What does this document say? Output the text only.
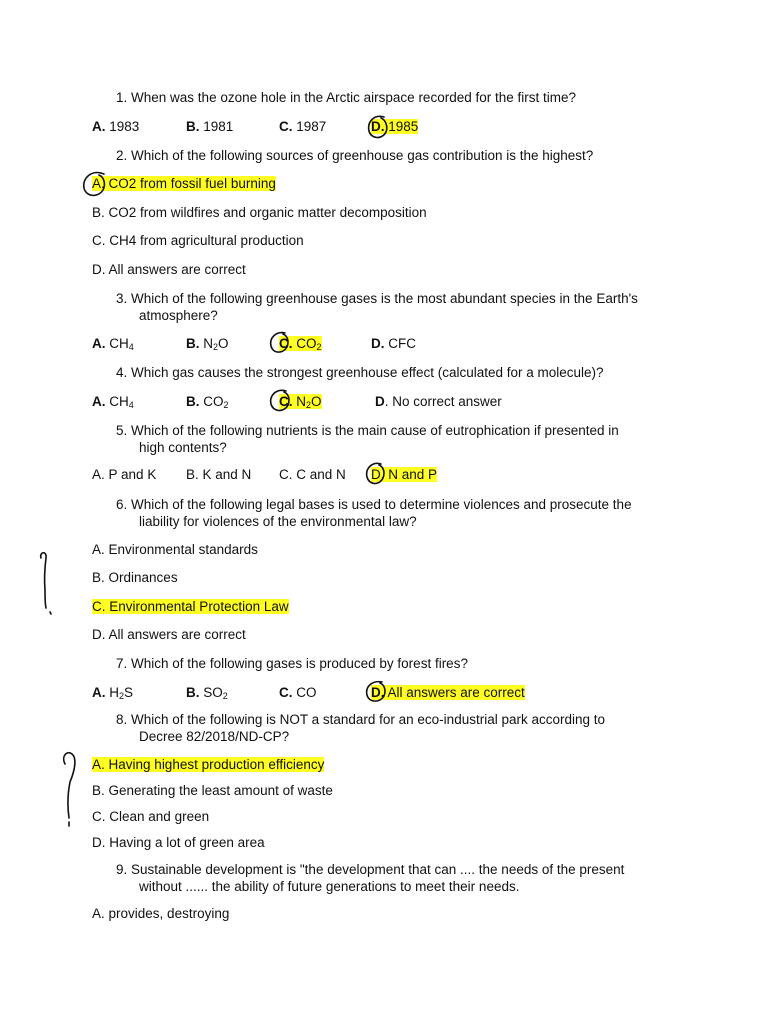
1. When was the ozone hole in the Arctic airspace recorded for the first time?
A. 1983	B. 1981	C. 1987	D. 1985
2. Which of the following sources of greenhouse gas contribution is the highest?
A. CO2 from fossil fuel burning
B. CO2 from wildfires and organic matter decomposition
C. CH4 from agricultural production
D. All answers are correct
3. Which of the following greenhouse gases is the most abundant species in the Earth's
atmosphere?
A. $CH_4$	B. $N_2O$	C. $CO_2$	D. CFC
4. Which gas causes the strongest greenhouse effect (calculated for a molecule)?
A. $CH_4$	B. $CO_2$	C. $N_2O$	D. No correct answer
5. Which of the following nutrients is the main cause of eutrophication if presented in
high contents?
A. P and K B. K and N C. C and N D. N and P
6. Which of the following legal bases is used to determine violences and prosecute the
liability for violences of the environmental law?
A. Environmental standards
B. Ordinances
C. Environmental Protection Law
D. All answers are correct
7. Which of the following gases is produced by forest fires?
A. $H_2S$	B. $SO_2$	C. CO	D. All answers are correct
8. Which of the following is NOT a standard for an eco-industrial park according to
Decree 82/2018/ND-CP?
A. Having highest production efficiency
B. Generating the least amount of waste
C. Clean and green
D. Having a lot of green area
9. Sustainable development is "the development that can .... the needs of the present
without ...... the ability of future generations to meet their needs.
A. provides, destroying
